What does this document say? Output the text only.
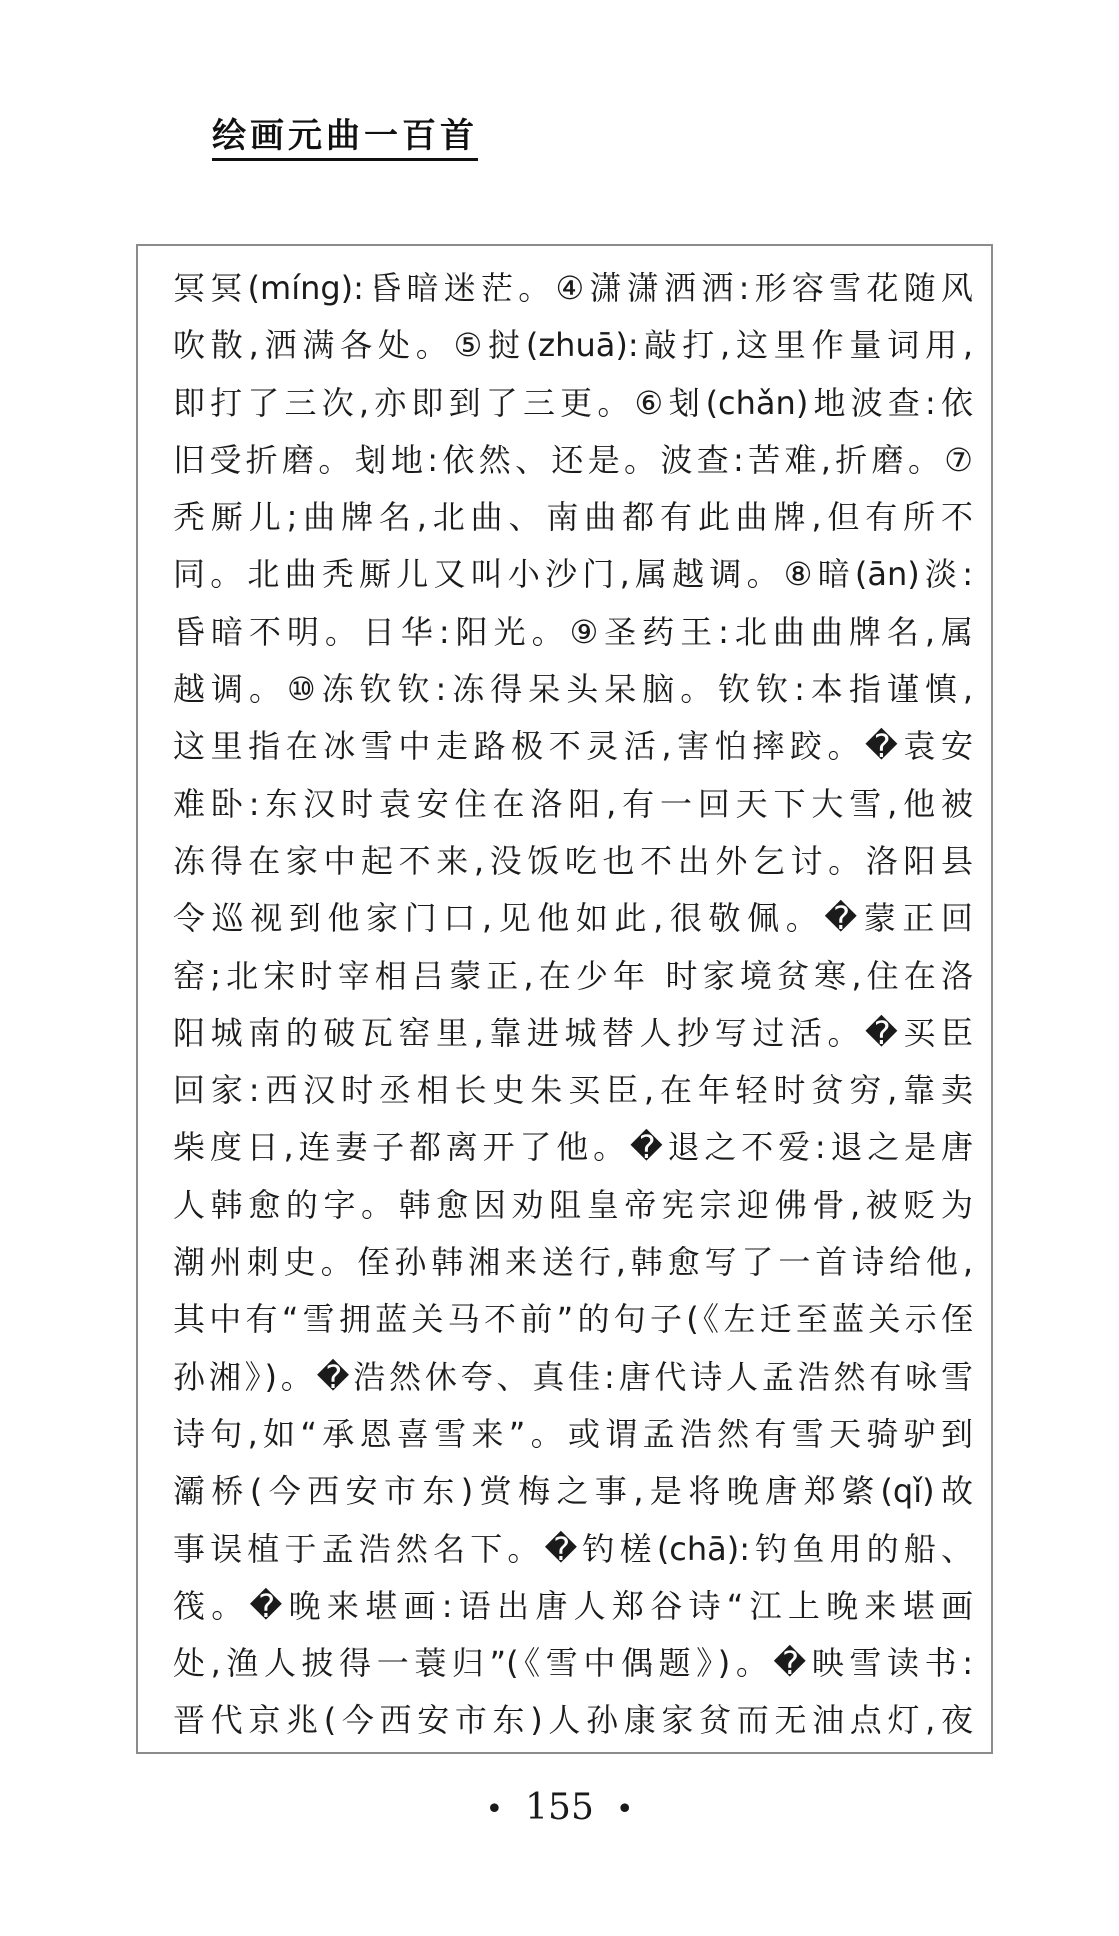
绘画元曲一百首
冥冥(míng):昏暗迷茫。④潇潇洒洒:形容雪花随风
吹散,洒满各处。⑤挝(zhuā):敲打,这里作量词用,
即打了三次,亦即到了三更。⑥刬(chǎn)地波查:依
旧受折磨。刬地:依然、还是。波查:苦难,折磨。⑦
秃厮儿;曲牌名,北曲、南曲都有此曲牌,但有所不
同。北曲秃厮儿又叫小沙门,属越调。⑧暗(ān)淡:
昏暗不明。日华:阳光。⑨圣药王:北曲曲牌名,属
越调。⑩冻钦钦:冻得呆头呆脑。钦钦:本指谨慎,
这里指在冰雪中走路极不灵活,害怕摔跤。�袁安
难卧:东汉时袁安住在洛阳,有一回天下大雪,他被
冻得在家中起不来,没饭吃也不出外乞讨。洛阳县
令巡视到他家门口,见他如此,很敬佩。�蒙正回
窑;北宋时宰相吕蒙正,在少年 时家境贫寒,住在洛
阳城南的破瓦窑里,靠进城替人抄写过活。�买臣
回家:西汉时丞相长史朱买臣,在年轻时贫穷,靠卖
柴度日,连妻子都离开了他。�退之不爱:退之是唐
人韩愈的字。韩愈因劝阻皇帝宪宗迎佛骨,被贬为
潮州刺史。侄孙韩湘来送行,韩愈写了一首诗给他,
其中有“雪拥蓝关马不前”的句子(《左迁至蓝关示侄
孙湘》)。�浩然休夸、真佳:唐代诗人孟浩然有咏雪
诗句,如“承恩喜雪来”。或谓孟浩然有雪天骑驴到
灞桥(今西安市东)赏梅之事,是将晚唐郑綮(qǐ)故
事误植于孟浩然名下。�钓槎(chā):钓鱼用的船、
筏。�晚来堪画:语出唐人郑谷诗“江上晚来堪画
处,渔人披得一蓑归”(《雪中偶题》)。�映雪读书:
晋代京兆(今西安市东)人孙康家贫而无油点灯,夜
• 155 •
